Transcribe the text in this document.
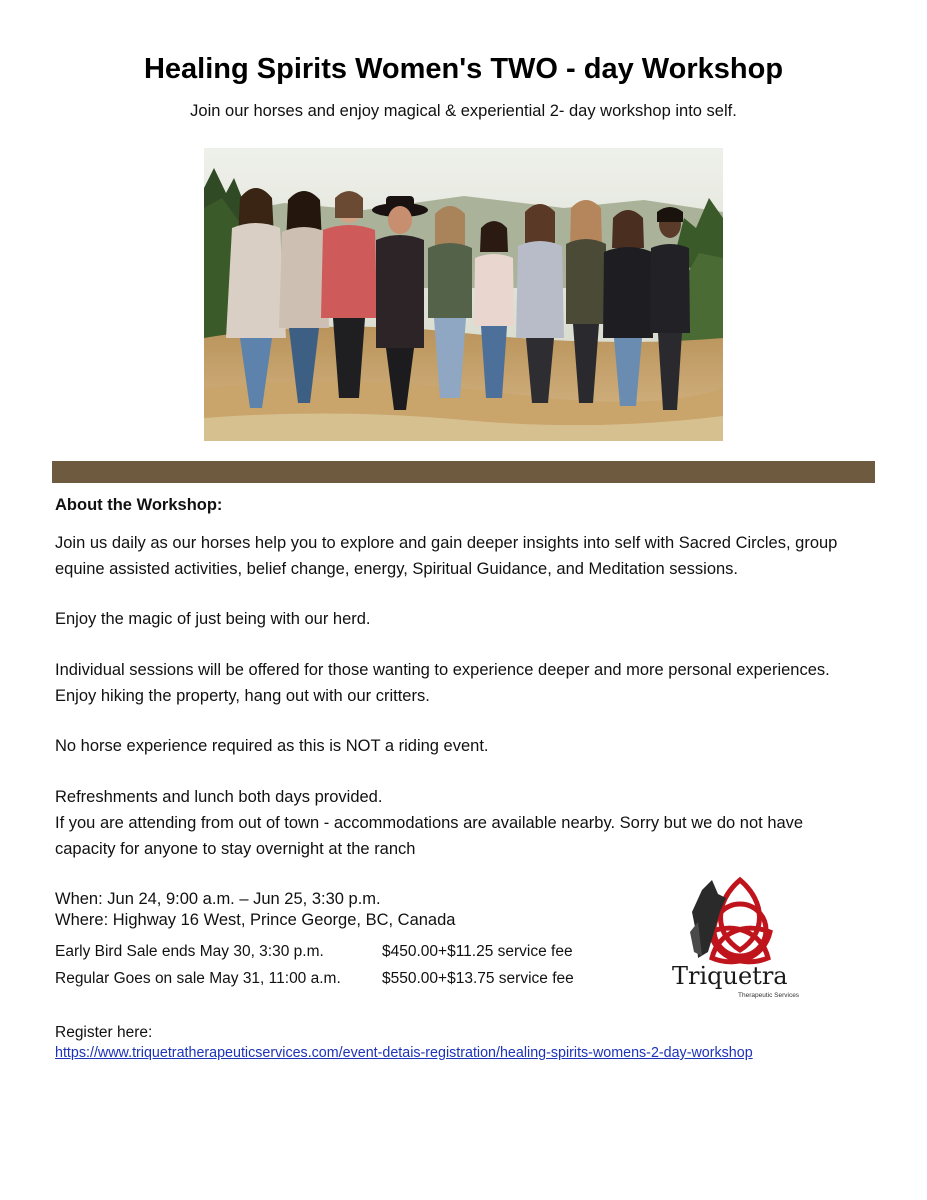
Healing Spirits Women's TWO - day Workshop
Join our horses and enjoy magical & experiential 2- day workshop into self.
About the Workshop:

Join us daily as our horses help you to explore and gain deeper insights into self with Sacred Circles, group equine assisted activities, belief change, energy, Spiritual Guidance, and Meditation sessions.

Enjoy the magic of just being with our herd.

Individual sessions will be offered for those wanting to experience deeper and more personal experiences. Enjoy hiking the property, hang out with our critters.

No horse experience required as this is NOT a riding event.

Refreshments and lunch both days provided.

If you are attending from out of town - accommodations are available nearby. Sorry but we do not have capacity for anyone to stay overnight at the ranch

When: Jun 24, 9:00 a.m. – Jun 25, 3:30 p.m.
Where: Highway 16 West, Prince George, BC, Canada
Early Bird Sale ends May 30, 3:30 p.m.	$450.00+$11.25 service fee
Regular Goes on sale May 31, 11:00 a.m.	$550.00+$13.75 service fee
Register here:
https://www.triquetratherapeuticservices.com/event-detais-registration/healing-spirits-womens-2-day-workshop
Triquetra
Therapeutic Services
